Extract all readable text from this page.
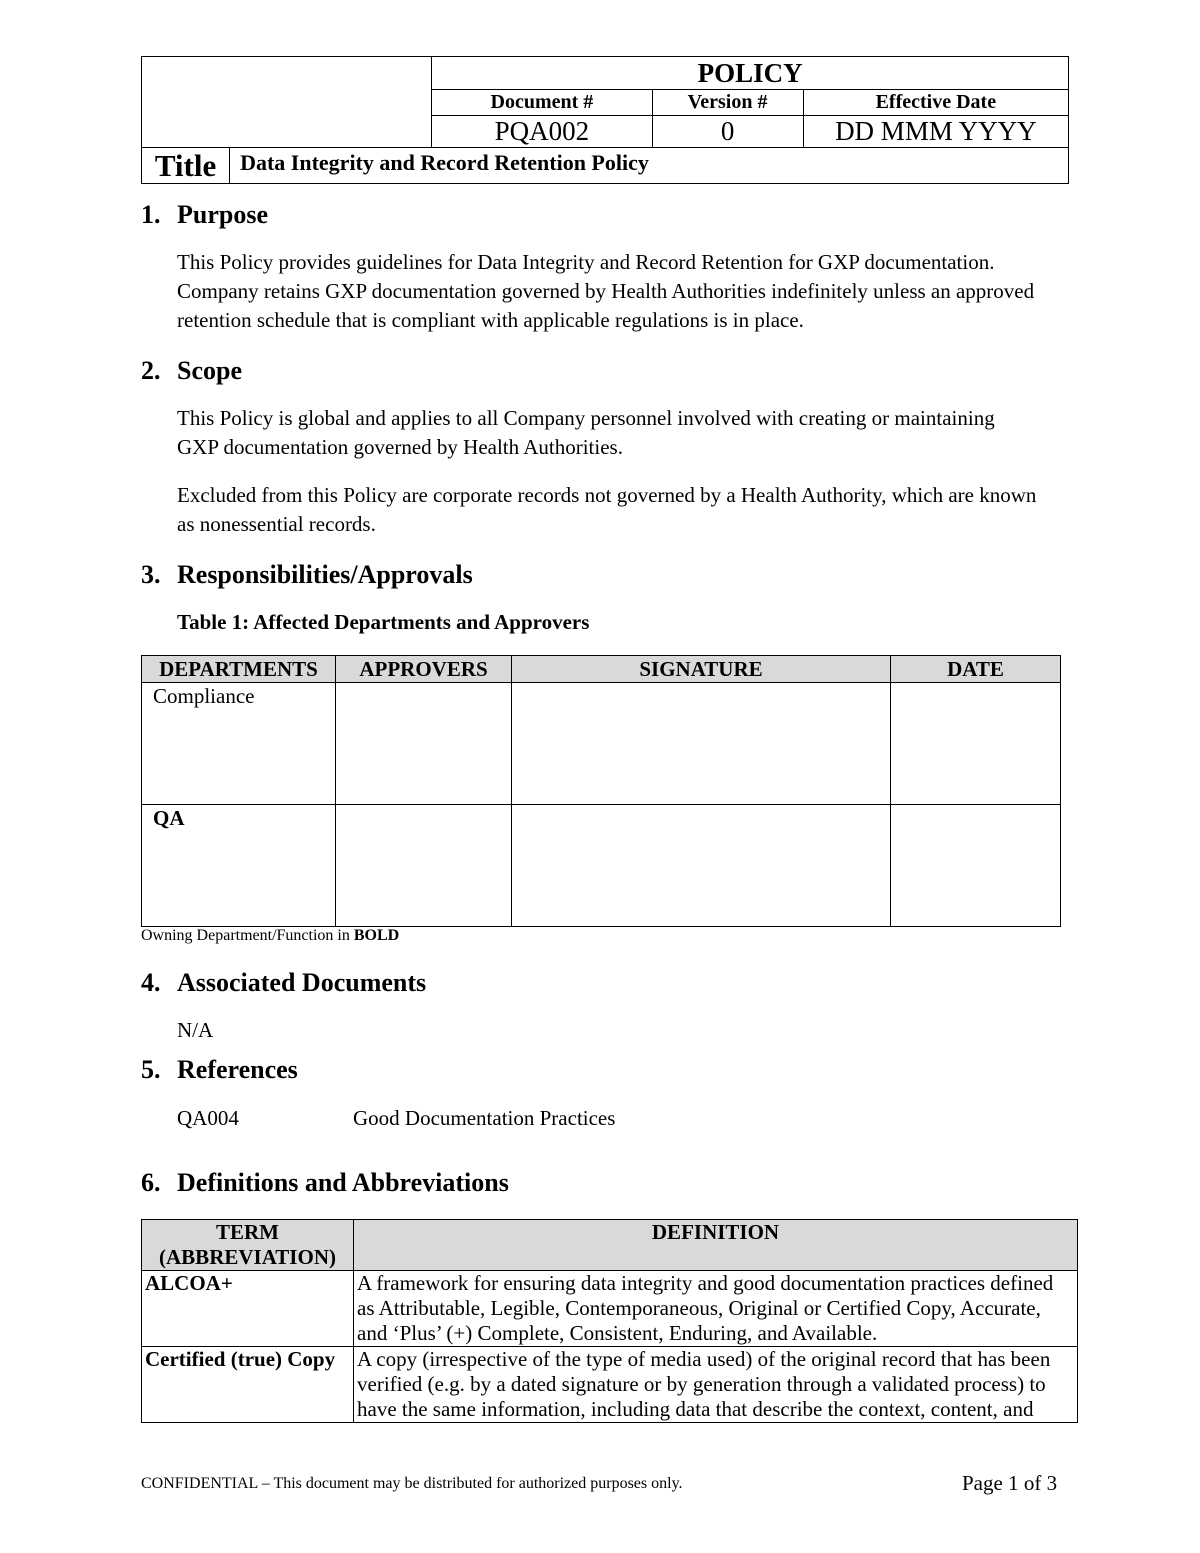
		POLICY		
		Document #	Version #	Effective Date
		PQA002	0	DD MMM YYYY
Title	Data Integrity and Record Retention Policy			
1. Purpose

This Policy provides guidelines for Data Integrity and Record Retention for GXP documentation. Company retains GXP documentation governed by Health Authorities indefinitely unless an approved retention schedule that is compliant with applicable regulations is in place.

2. Scope

This Policy is global and applies to all Company personnel involved with creating or maintaining GXP documentation governed by Health Authorities.

Excluded from this Policy are corporate records not governed by a Health Authority, which are known as nonessential records.

3. Responsibilities/Approvals

Table 1: Affected Departments and Approvers

DEPARTMENTS	APPROVERS	SIGNATURE	DATE
Compliance			
QA			

Owning Department/Function in BOLD

4. Associated Documents

N/A

5. References

QA004	Good Documentation Practices

6. Definitions and Abbreviations
TERM (ABBREVIATION)	DEFINITION
ALCOA+	A framework for ensuring data integrity and good documentation practices defined as Attributable, Legible, Contemporaneous, Original or Certified Copy, Accurate, and ‘Plus’ (+) Complete, Consistent, Enduring, and Available.
Certified (true) Copy	A copy (irrespective of the type of media used) of the original record that has been verified (e.g. by a dated signature or by generation through a validated process) to have the same information, including data that describe the context, content, and

CONFIDENTIAL – This document may be distributed for authorized purposes only.	Page 1 of 3
